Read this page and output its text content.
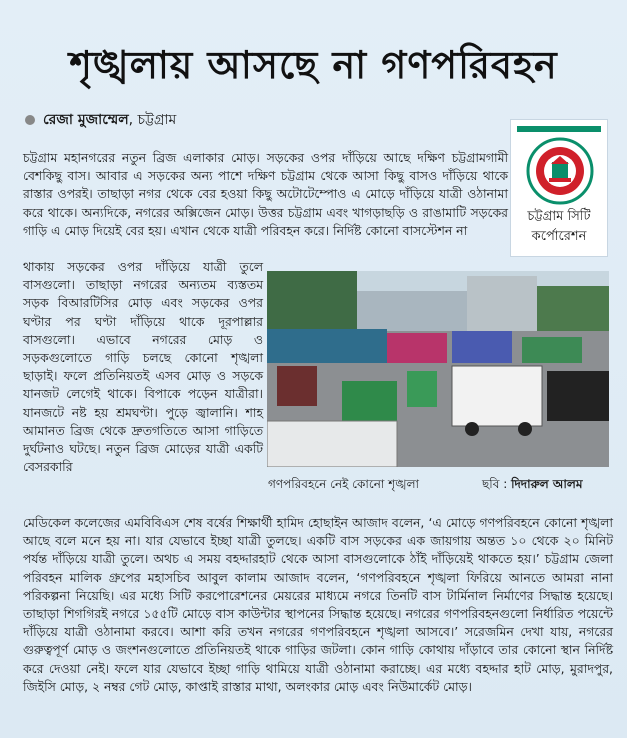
শৃঙ্খলায় আসছে না গণপরিবহন
রেজা মুজাম্মেল, চট্টগ্রাম

চট্টগ্রাম মহানগরের নতুন ব্রিজ এলাকার মোড়। সড়কের ওপর দাঁড়িয়ে আছে দক্ষিণ চট্টগ্রামগামী বেশকিছু বাস। আবার এ সড়কের অন্য পাশে দক্ষিণ চট্টগ্রাম থেকে আসা কিছু বাসও দাঁড়িয়ে থাকে রাস্তার ওপরই। তাছাড়া নগর থেকে বের হওয়া কিছু অটোটেম্পোও এ মোড়ে দাঁড়িয়ে যাত্রী ওঠানামা করে থাকে। অন্যদিকে, নগরের অক্সিজেন মোড়। উত্তর চট্টগ্রাম এবং খাগড়াছড়ি ও রাঙামাটি সড়কের গাড়ি এ মোড় দিয়েই বের হয়। এখান থেকে যাত্রী পরিবহন করে। নির্দিষ্ট কোনো বাসস্টেশন না

থাকায় সড়কের ওপর দাঁড়িয়ে যাত্রী তুলে বাসগুলো। তাছাড়া নগরের অন্যতম ব্যস্ততম সড়ক বিআরটিসির মোড় এবং সড়কের ওপর ঘণ্টার পর ঘণ্টা দাঁড়িয়ে থাকে দূরপাল্লার বাসগুলো। এভাবে নগরের মোড় ও সড়কগুলোতে গাড়ি চলছে কোনো শৃঙ্খলা ছাড়াই। ফলে প্রতিনিয়তই এসব মোড় ও সড়কে যানজট লেগেই থাকে। বিপাকে পড়েন যাত্রীরা। যানজটে নষ্ট হয় শ্রমঘণ্টা। পুড়ে জ্বালানি। শাহ আমানত ব্রিজ থেকে দ্রুতগতিতে আসা গাড়িতে দুর্ঘটনাও ঘটছে। নতুন ব্রিজ মোড়ের যাত্রী একটি বেসরকারি

চট্টগ্রাম সিটি কর্পোরেশন
গণপরিবহনে নেই কোনো শৃঙ্খলা	ছবি : দিদারুল আলম

মেডিকেল কলেজের এমবিবিএস শেষ বর্ষের শিক্ষার্থী হামিদ হোছাইন আজাদ বলেন, ‘এ মোড়ে গণপরিবহনে কোনো শৃঙ্খলা আছে বলে মনে হয় না। যার যেভাবে ইচ্ছা যাত্রী তুলছে। একটি বাস সড়কের এক জায়গায় অন্তত ১০ থেকে ২০ মিনিট পর্যন্ত দাঁড়িয়ে যাত্রী তুলে। অথচ এ সময় বহদ্দারহাট থেকে আসা বাসগুলোকে ঠাঁই দাঁড়িয়েই থাকতে হয়।’ চট্টগ্রাম জেলা পরিবহন মালিক গ্রুপের মহাসচিব আবুল কালাম আজাদ বলেন, ‘গণপরিবহনে শৃঙ্খলা ফিরিয়ে আনতে আমরা নানা পরিকল্পনা নিয়েছি। এর মধ্যে সিটি করপোরেশনের মেয়রের মাধ্যমে নগরে তিনটি বাস টার্মিনাল নির্মাণের সিদ্ধান্ত হয়েছে। তাছাড়া শিগগিরই নগরে ১৫৫টি মোড়ে বাস কাউন্টার স্থাপনের সিদ্ধান্ত হয়েছে। নগরের গণপরিবহনগুলো নির্ধারিত পয়েন্টে দাঁড়িয়ে যাত্রী ওঠানামা করবে। আশা করি তখন নগরের গণপরিবহনে শৃঙ্খলা আসবে।’ সরেজমিন দেখা যায়, নগরের গুরুত্বপূর্ণ মোড় ও জংশনগুলোতে প্রতিনিয়তই থাকে গাড়ির জটলা। কোন গাড়ি কোথায় দাঁড়াবে তার কোনো স্থান নির্দিষ্ট করে দেওয়া নেই। ফলে যার যেভাবে ইচ্ছা গাড়ি থামিয়ে যাত্রী ওঠানামা করাচ্ছে। এর মধ্যে বহদ্দার হাট মোড়, মুরাদপুর, জিইসি মোড়, ২ নম্বর গেট মোড়, কাপ্তাই রাস্তার মাথা, অলংকার মোড় এবং নিউমার্কেট মোড়।
